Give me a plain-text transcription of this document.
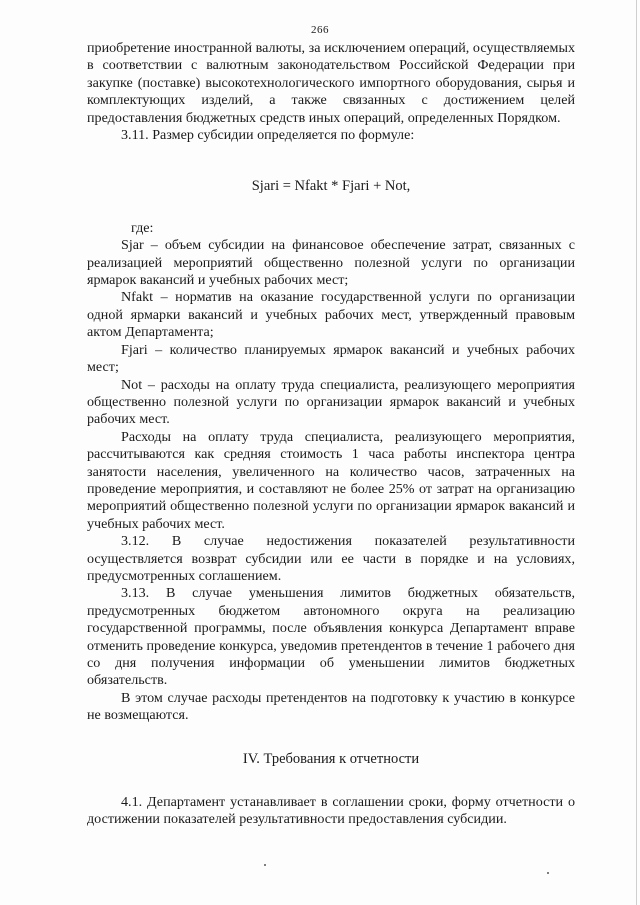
266

приобретение иностранной валюты, за исключением операций, осуществляемых в соответствии с валютным законодательством Российской Федерации при закупке (поставке) высокотехнологического импортного оборудования, сырья и комплектующих изделий, а также связанных с достижением целей предоставления бюджетных средств иных операций, определенных Порядком.

3.11. Размер субсидии определяется по формуле:

Sjari = Nfakt * Fjari + Not,

где:

Sjar – объем субсидии на финансовое обеспечение затрат, связанных с реализацией мероприятий общественно полезной услуги по организации ярмарок вакансий и учебных рабочих мест;

Nfakt – норматив на оказание государственной услуги по организации одной ярмарки вакансий и учебных рабочих мест, утвержденный правовым актом Департамента;

Fjari – количество планируемых ярмарок вакансий и учебных рабочих мест;

Not – расходы на оплату труда специалиста, реализующего мероприятия общественно полезной услуги по организации ярмарок вакансий и учебных рабочих мест.

Расходы на оплату труда специалиста, реализующего мероприятия, рассчитываются как средняя стоимость 1 часа работы инспектора центра занятости населения, увеличенного на количество часов, затраченных на проведение мероприятия, и составляют не более 25% от затрат на организацию мероприятий общественно полезной услуги по организации ярмарок вакансий и учебных рабочих мест.

3.12. В случае недостижения показателей результативности осуществляется возврат субсидии или ее части в порядке и на условиях, предусмотренных соглашением.

3.13. В случае уменьшения лимитов бюджетных обязательств, предусмотренных бюджетом автономного округа на реализацию государственной программы, после объявления конкурса Департамент вправе отменить проведение конкурса, уведомив претендентов в течение 1 рабочего дня со дня получения информации об уменьшении лимитов бюджетных обязательств.

В этом случае расходы претендентов на подготовку к участию в конкурсе не возмещаются.

IV. Требования к отчетности

4.1. Департамент устанавливает в соглашении сроки, форму отчетности о достижении показателей результативности предоставления субсидии.
